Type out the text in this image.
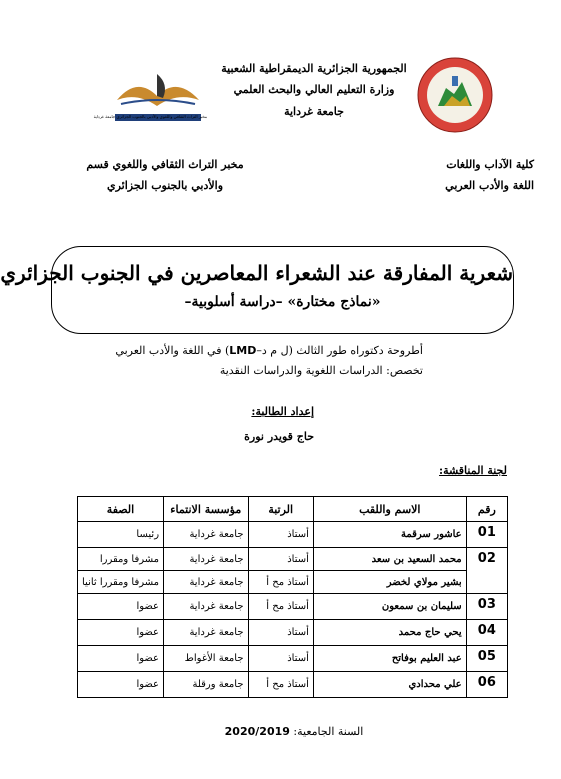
الجمهورية الجزائرية الديمقراطية الشعبية
وزارة التعليم العالي والبحث العلمي
جامعة غرداية
مخبر التراث الثقافي واللغوي والأدبي بالجنوب الجزائري جامعة غرداية
كلية الآداب واللغات
اللغة والأدب العربي
مخبر التراث الثقافي واللغوي قسم
والأدبي بالجنوب الجزائري
شعرية المفارقة عند الشعراء المعاصرين في الجنوب الجزائري
«نماذج مختارة» –دراسة أسلوبية–
أطروحة دكتوراه طور الثالث (ل م د–LMD) في اللغة والأدب العربي
تخصص: الدراسات اللغوية والدراسات النقدية
إعداد الطالبة:
حاج قويدر نورة
لجنة المناقشة:
رقم	الاسم واللقب	الرتبة	مؤسسة الانتماء	الصفة
01	عاشور سرقمة	أستاذ	جامعة غرداية	رئيسا
02	محمد السعيد بن سعد	أستاذ	جامعة غرداية	مشرفا ومقررا
	بشير مولاي لخضر	أستاذ مح أ	جامعة غرداية	مشرفا ومقررا ثانيا
03	سليمان بن سمعون	أستاذ مح أ	جامعة غرداية	عضوا
04	يحي حاج محمد	أستاذ	جامعة غرداية	عضوا
05	عبد العليم بوفاتح	أستاذ	جامعة الأغواط	عضوا
06	علي محدادي	أستاذ مح أ	جامعة ورقلة	عضوا
السنة الجامعية: 2020/2019
